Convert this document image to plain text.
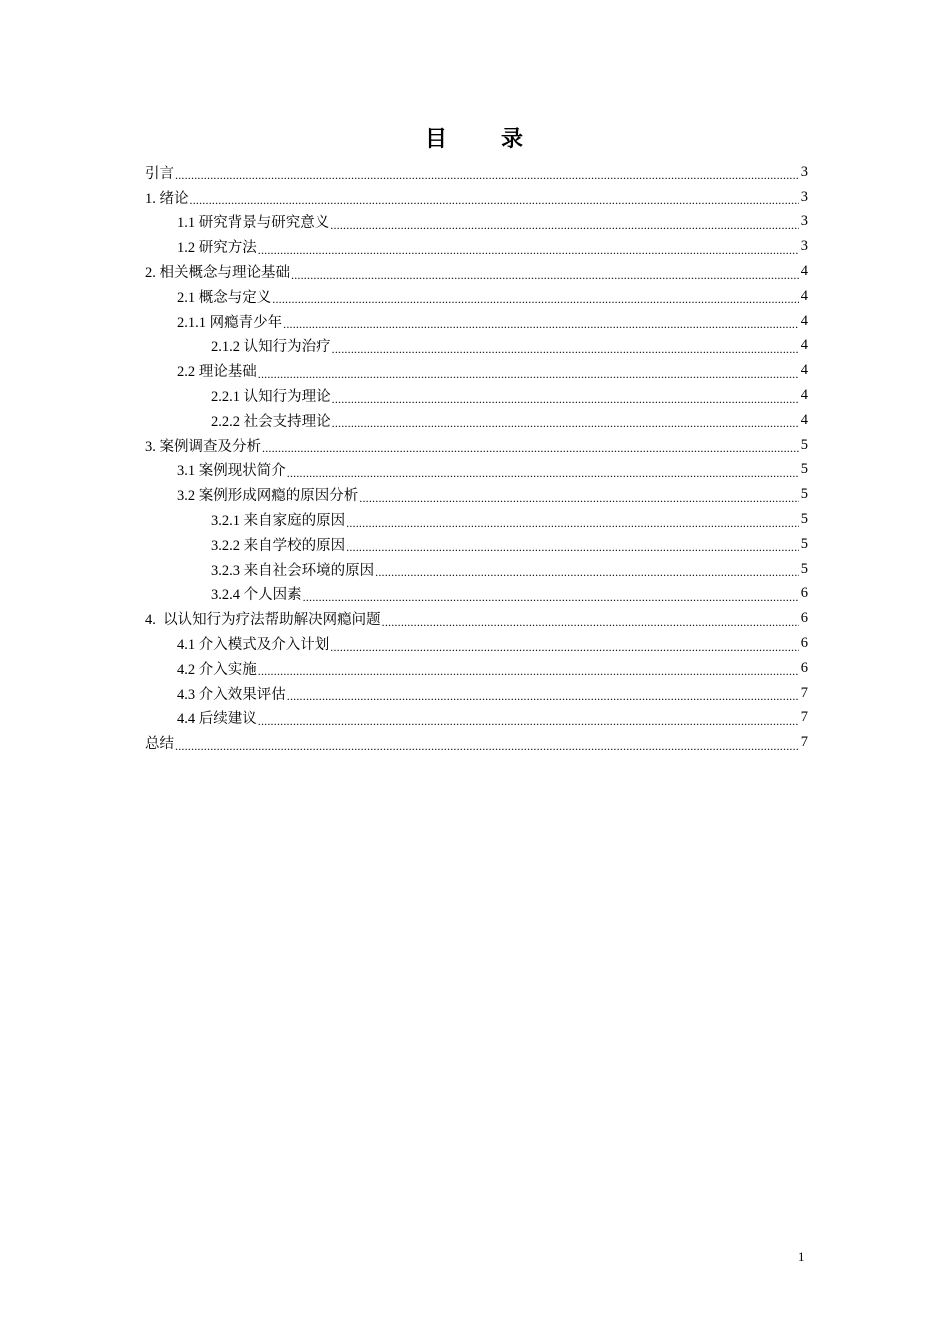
目 录
引言 .....	3
1. 绪论 .....	3
1.1 研究背景与研究意义 .....	3
1.2 研究方法 .....	3
2. 相关概念与理论基础 .....	4
2.1 概念与定义 .....	4
2.1.1 网瘾青少年 .....	4
2.1.2 认知行为治疗 .....	4
2.2 理论基础 .....	4
2.2.1 认知行为理论 .....	4
2.2.2 社会支持理论 .....	4
3. 案例调查及分析 .....	5
3.1 案例现状简介 .....	5
3.2 案例形成网瘾的原因分析 .....	5
3.2.1 来自家庭的原因 .....	5
3.2.2 来自学校的原因 .....	5
3.2.3 来自社会环境的原因 .....	5
3.2.4 个人因素 .....	6
4.  以认知行为疗法帮助解决网瘾问题 .....	6
4.1 介入模式及介入计划 .....	6
4.2 介入实施 .....	6
4.3 介入效果评估 .....	7
4.4 后续建议 .....	7
总结 .....	7
1
